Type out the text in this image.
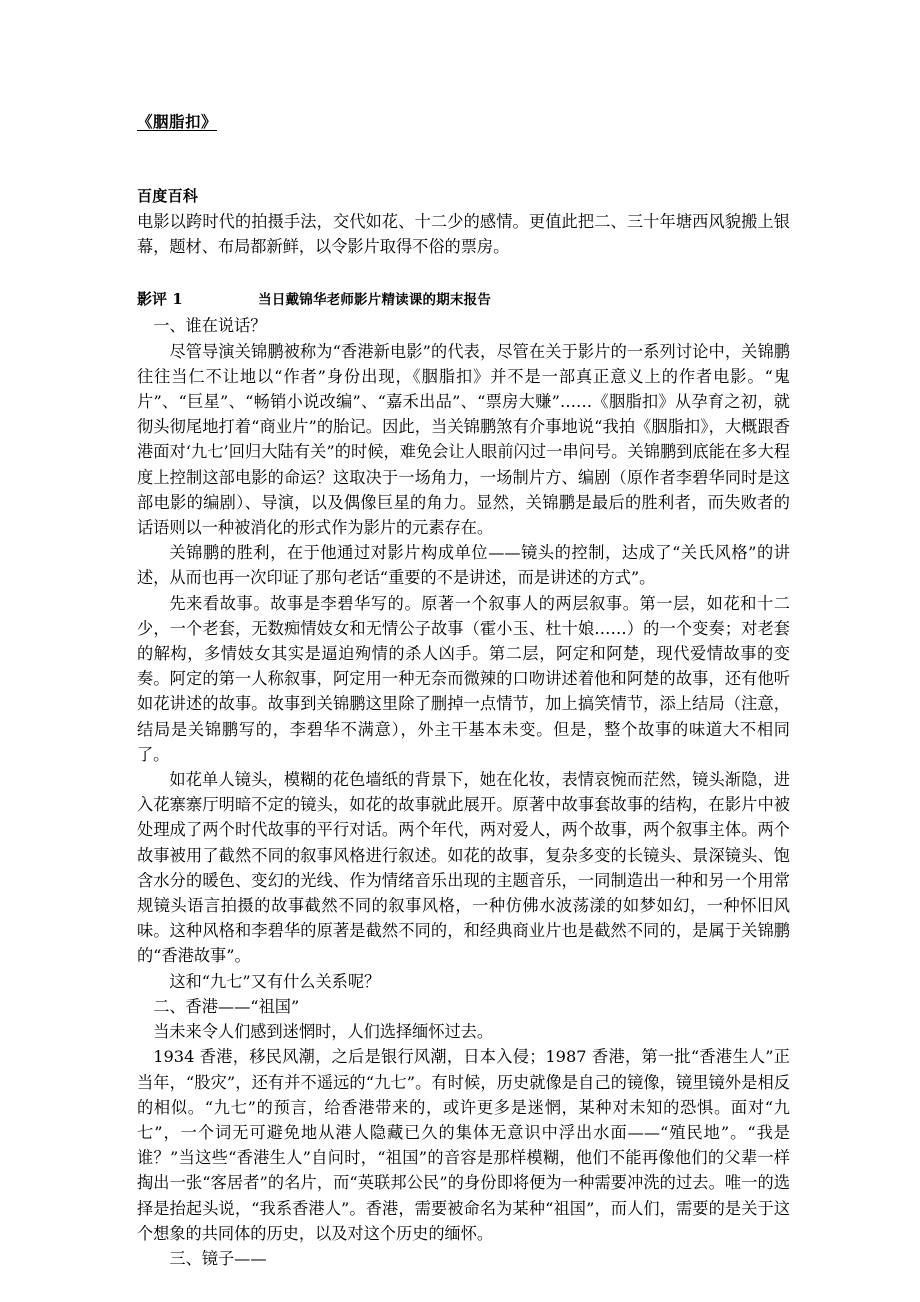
《胭脂扣》
百度百科

电影以跨时代的拍摄手法，交代如花、十二少的感情。更值此把二、三十年塘西风貌搬上银幕，题材、布局都新鲜，以令影片取得不俗的票房。

影评 1			当日戴锦华老师影片精读课的期末报告

一、谁在说话？

尽管导演关锦鹏被称为“香港新电影”的代表，尽管在关于影片的一系列讨论中，关锦鹏往往当仁不让地以“作者”身份出现，《胭脂扣》并不是一部真正意义上的作者电影。“鬼片”、“巨星”、“畅销小说改编”、“嘉禾出品”、“票房大赚”……《胭脂扣》从孕育之初，就彻头彻尾地打着“商业片”的胎记。因此，当关锦鹏煞有介事地说“我拍《胭脂扣》，大概跟香港面对‘九七’回归大陆有关”的时候，难免会让人眼前闪过一串问号。关锦鹏到底能在多大程度上控制这部电影的命运？这取决于一场角力，一场制片方、编剧（原作者李碧华同时是这部电影的编剧）、导演，以及偶像巨星的角力。显然，关锦鹏是最后的胜利者，而失败者的话语则以一种被消化的形式作为影片的元素存在。

关锦鹏的胜利，在于他通过对影片构成单位——镜头的控制，达成了“关氏风格”的讲述，从而也再一次印证了那句老话“重要的不是讲述，而是讲述的方式”。

先来看故事。故事是李碧华写的。原著一个叙事人的两层叙事。第一层，如花和十二少，一个老套，无数痴情妓女和无情公子故事（霍小玉、杜十娘……）的一个变奏；对老套的解构，多情妓女其实是逼迫殉情的杀人凶手。第二层，阿定和阿楚，现代爱情故事的变奏。阿定的第一人称叙事，阿定用一种无奈而微辣的口吻讲述着他和阿楚的故事，还有他听如花讲述的故事。故事到关锦鹏这里除了删掉一点情节，加上搞笑情节，添上结局（注意，结局是关锦鹏写的，李碧华不满意），外主干基本未变。但是，整个故事的味道大不相同了。

如花单人镜头，模糊的花色墙纸的背景下，她在化妆，表情哀惋而茫然，镜头渐隐，进入花寨寨厅明暗不定的镜头，如花的故事就此展开。原著中故事套故事的结构，在影片中被处理成了两个时代故事的平行对话。两个年代，两对爱人，两个故事，两个叙事主体。两个故事被用了截然不同的叙事风格进行叙述。如花的故事，复杂多变的长镜头、景深镜头、饱含水分的暖色、变幻的光线、作为情绪音乐出现的主题音乐，一同制造出一种和另一个用常规镜头语言拍摄的故事截然不同的叙事风格，一种仿佛水波荡漾的如梦如幻，一种怀旧风味。这种风格和李碧华的原著是截然不同的，和经典商业片也是截然不同的，是属于关锦鹏的“香港故事”。

这和“九七”又有什么关系呢？

二、香港——“祖国”

当未来令人们感到迷惘时，人们选择缅怀过去。

1934 香港，移民风潮，之后是银行风潮，日本入侵；1987 香港，第一批“香港生人”正当年，“股灾”，还有并不遥远的“九七”。有时候，历史就像是自己的镜像，镜里镜外是相反的相似。“九七”的预言，给香港带来的，或许更多是迷惘，某种对未知的恐惧。面对“九七”，一个词无可避免地从港人隐藏已久的集体无意识中浮出水面——“殖民地”。“我是谁？”当这些“香港生人”自问时，“祖国”的音容是那样模糊，他们不能再像他们的父辈一样掏出一张“客居者”的名片，而“英联邦公民”的身份即将便为一种需要冲洗的过去。唯一的选择是抬起头说，“我系香港人”。香港，需要被命名为某种“祖国”，而人们，需要的是关于这个想象的共同体的历史，以及对这个历史的缅怀。

三、镜子——
